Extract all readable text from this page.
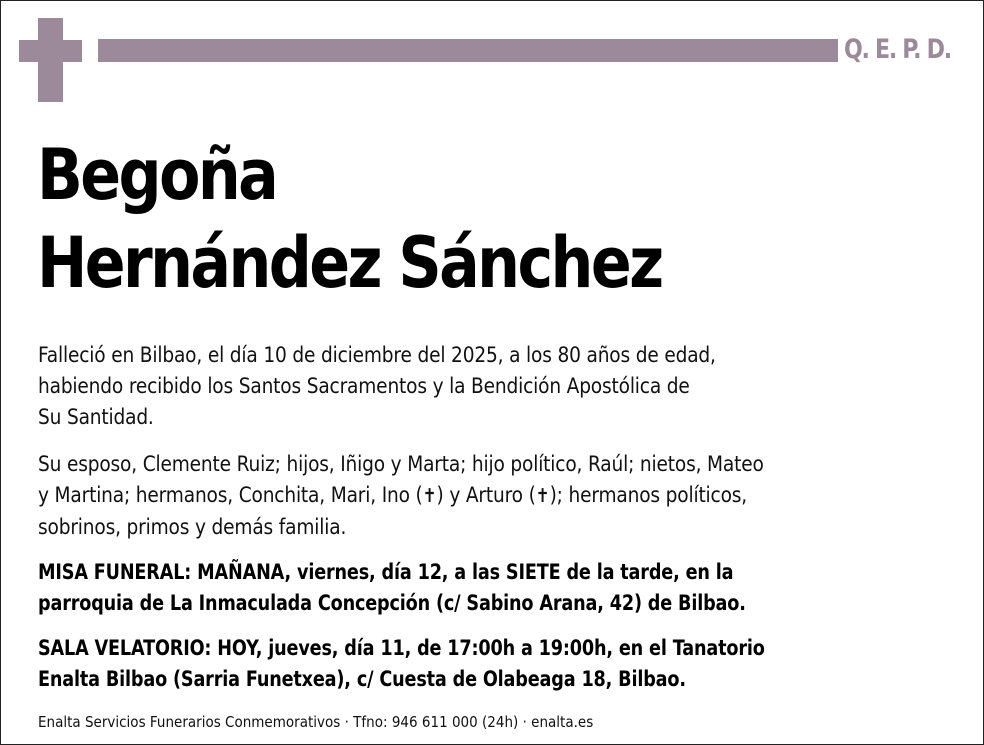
Q. E. P. D.
Begoña
Hernández Sánchez
Falleció en Bilbao, el día 10 de diciembre del 2025, a los 80 años de edad,
habiendo recibido los Santos Sacramentos y la Bendición Apostólica de
Su Santidad.
Su esposo, Clemente Ruiz; hijos, Iñigo y Marta; hijo político, Raúl; nietos, Mateo
y Martina; hermanos, Conchita, Mari, Ino (✝) y Arturo (✝); hermanos políticos,
sobrinos, primos y demás familia.
MISA FUNERAL: MAÑANA, viernes, día 12, a las SIETE de la tarde, en la
parroquia de La Inmaculada Concepción (c/ Sabino Arana, 42) de Bilbao.
SALA VELATORIO: HOY, jueves, día 11, de 17:00h a 19:00h, en el Tanatorio
Enalta Bilbao (Sarria Funetxea), c/ Cuesta de Olabeaga 18, Bilbao.
Enalta Servicios Funerarios Conmemorativos · Tfno: 946 611 000 (24h) · enalta.es
